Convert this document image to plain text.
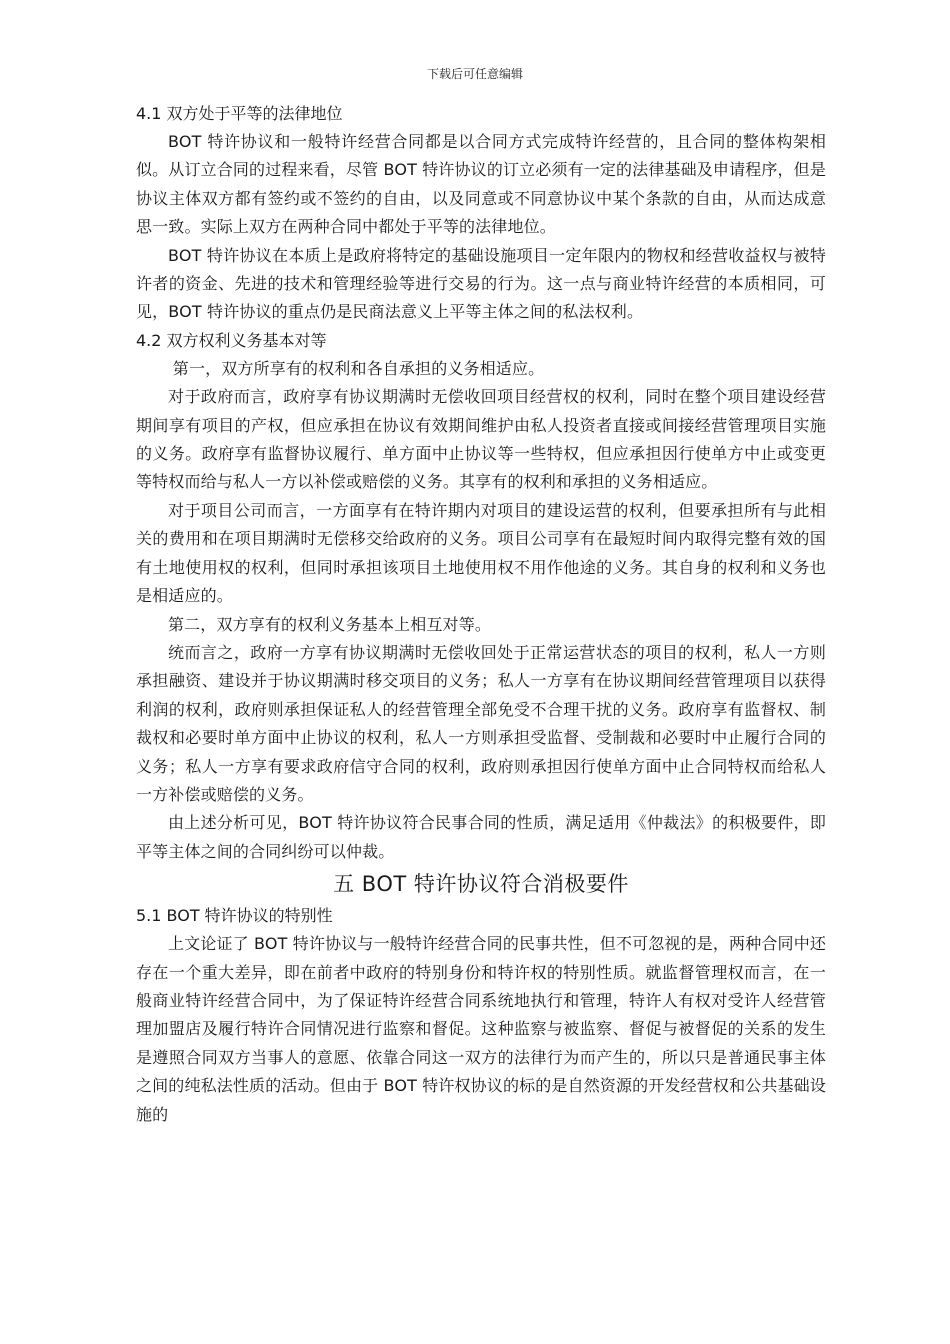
下载后可任意编辑
4.1 双方处于平等的法律地位

BOT 特许协议和一般特许经营合同都是以合同方式完成特许经营的，且合同的整体构架相似。从订立合同的过程来看，尽管 BOT 特许协议的订立必须有一定的法律基础及申请程序，但是协议主体双方都有签约或不签约的自由，以及同意或不同意协议中某个条款的自由，从而达成意思一致。实际上双方在两种合同中都处于平等的法律地位。

BOT 特许协议在本质上是政府将特定的基础设施项目一定年限内的物权和经营收益权与被特许者的资金、先进的技术和管理经验等进行交易的行为。这一点与商业特许经营的本质相同，可见，BOT 特许协议的重点仍是民商法意义上平等主体之间的私法权利。

4.2 双方权利义务基本对等

第一，双方所享有的权利和各自承担的义务相适应。

对于政府而言，政府享有协议期满时无偿收回项目经营权的权利，同时在整个项目建设经营期间享有项目的产权，但应承担在协议有效期间维护由私人投资者直接或间接经营管理项目实施的义务。政府享有监督协议履行、单方面中止协议等一些特权，但应承担因行使单方中止或变更等特权而给与私人一方以补偿或赔偿的义务。其享有的权利和承担的义务相适应。

对于项目公司而言，一方面享有在特许期内对项目的建设运营的权利，但要承担所有与此相关的费用和在项目期满时无偿移交给政府的义务。项目公司享有在最短时间内取得完整有效的国有土地使用权的权利，但同时承担该项目土地使用权不用作他途的义务。其自身的权利和义务也是相适应的。

第二，双方享有的权利义务基本上相互对等。

统而言之，政府一方享有协议期满时无偿收回处于正常运营状态的项目的权利，私人一方则承担融资、建设并于协议期满时移交项目的义务；私人一方享有在协议期间经营管理项目以获得利润的权利，政府则承担保证私人的经营管理全部免受不合理干扰的义务。政府享有监督权、制裁权和必要时单方面中止协议的权利，私人一方则承担受监督、受制裁和必要时中止履行合同的义务；私人一方享有要求政府信守合同的权利，政府则承担因行使单方面中止合同特权而给私人一方补偿或赔偿的义务。

由上述分析可见，BOT 特许协议符合民事合同的性质，满足适用《仲裁法》的积极要件，即平等主体之间的合同纠纷可以仲裁。

五 BOT 特许协议符合消极要件
5.1 BOT 特许协议的特别性

上文论证了 BOT 特许协议与一般特许经营合同的民事共性，但不可忽视的是，两种合同中还存在一个重大差异，即在前者中政府的特别身份和特许权的特别性质。就监督管理权而言，在一般商业特许经营合同中，为了保证特许经营合同系统地执行和管理，特许人有权对受许人经营管理加盟店及履行特许合同情况进行监察和督促。这种监察与被监察、督促与被督促的关系的发生是遵照合同双方当事人的意愿、依靠合同这一双方的法律行为而产生的，所以只是普通民事主体之间的纯私法性质的活动。但由于 BOT 特许权协议的标的是自然资源的开发经营权和公共基础设施的
